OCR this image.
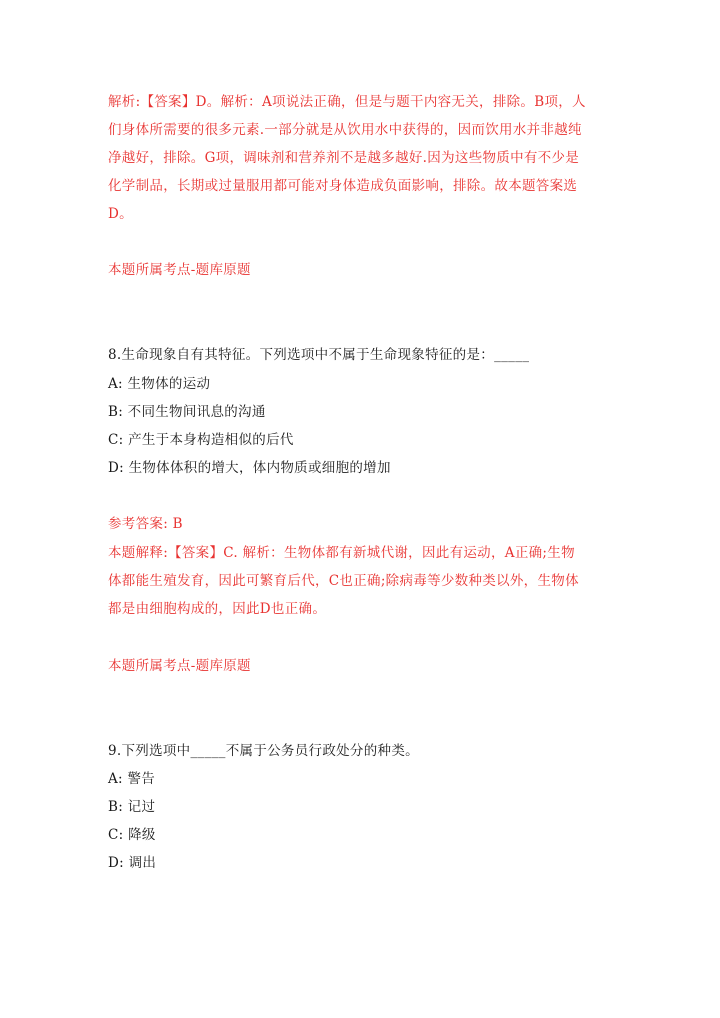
解析:【答案】D。解析：A项说法正确，但是与题干内容无关，排除。B项，人
们身体所需要的很多元素.一部分就是从饮用水中获得的，因而饮用水并非越纯
净越好，排除。G项，调味剂和营养剂不是越多越好.因为这些物质中有不少是
化学制品，长期或过量服用都可能对身体造成负面影响，排除。故本题答案选
D。
本题所属考点-题库原题
8.生命现象自有其特征。下列选项中不属于生命现象特征的是：_____
A: 生物体的运动
B: 不同生物间讯息的沟通
C: 产生于本身构造相似的后代
D: 生物体体积的增大，体内物质或细胞的增加
参考答案: B
本题解释:【答案】C. 解析：生物体都有新城代谢，因此有运动，A正确;生物
体都能生殖发育，因此可繁育后代，C也正确;除病毒等少数种类以外，生物体
都是由细胞构成的，因此D也正确。
本题所属考点-题库原题
9.下列选项中_____不属于公务员行政处分的种类。
A: 警告
B: 记过
C: 降级
D: 调出
